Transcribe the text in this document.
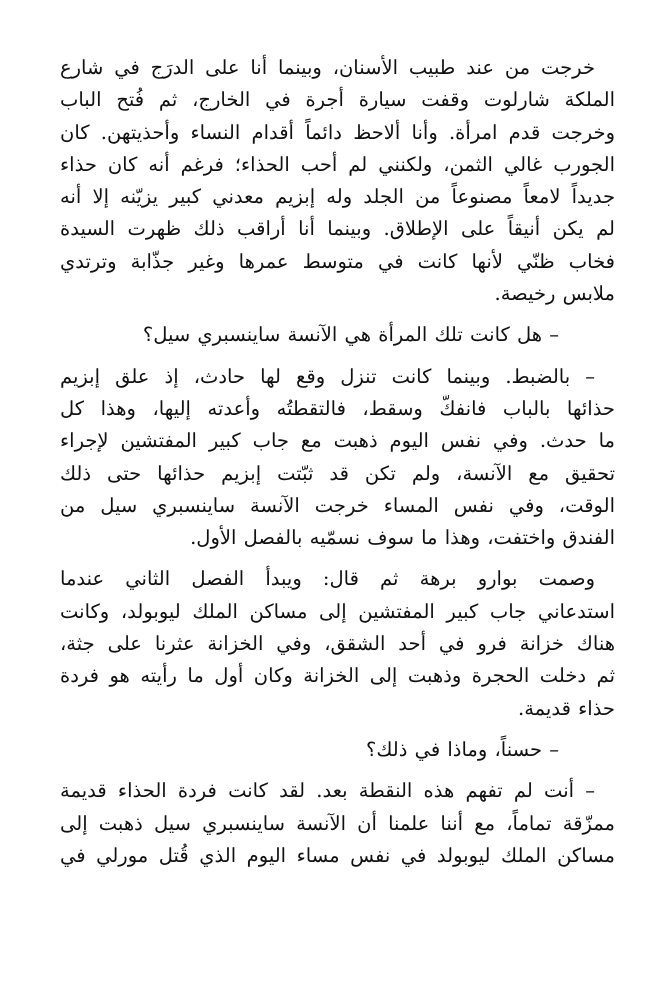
خرجت من عند طبيب الأسنان، وبينما أنا على الدرَج في شارع
الملكة شارلوت وقفت سيارة أجرة في الخارج، ثم فُتح الباب
وخرجت قدم امرأة. وأنا ألاحظ دائماً أقدام النساء وأحذيتهن. كان
الجورب غالي الثمن، ولكنني لم أحب الحذاء؛ فرغم أنه كان حذاء
جديداً لامعاً مصنوعاً من الجلد وله إبزيم معدني كبير يزيّنه إلا أنه
لم يكن أنيقاً على الإطلاق. وبينما أنا أراقب ذلك ظهرت السيدة
فخاب ظنّي لأنها كانت في متوسط عمرها وغير جذّابة وترتدي
ملابس رخيصة.
– هل كانت تلك المرأة هي الآنسة ساينسبري سيل؟
– بالضبط. وبينما كانت تنزل وقع لها حادث، إذ علق إبزيم
حذائها بالباب فانفكّ وسقط، فالتقطتُه وأعدته إليها، وهذا كل
ما حدث. وفي نفس اليوم ذهبت مع جاب كبير المفتشين لإجراء
تحقيق مع الآنسة، ولم تكن قد ثبّتت إبزيم حذائها حتى ذلك
الوقت، وفي نفس المساء خرجت الآنسة ساينسبري سيل من
الفندق واختفت، وهذا ما سوف نسمّيه بالفصل الأول.
وصمت بوارو برهة ثم قال: ويبدأ الفصل الثاني عندما
استدعاني جاب كبير المفتشين إلى مساكن الملك ليوبولد، وكانت
هناك خزانة فرو في أحد الشقق، وفي الخزانة عثرنا على جثة،
ثم دخلت الحجرة وذهبت إلى الخزانة وكان أول ما رأيته هو فردة
حذاء قديمة.
– حسناً، وماذا في ذلك؟
– أنت لم تفهم هذه النقطة بعد. لقد كانت فردة الحذاء قديمة
ممزّقة تماماً، مع أننا علمنا أن الآنسة ساينسبري سيل ذهبت إلى
مساكن الملك ليوبولد في نفس مساء اليوم الذي قُتل مورلي في
